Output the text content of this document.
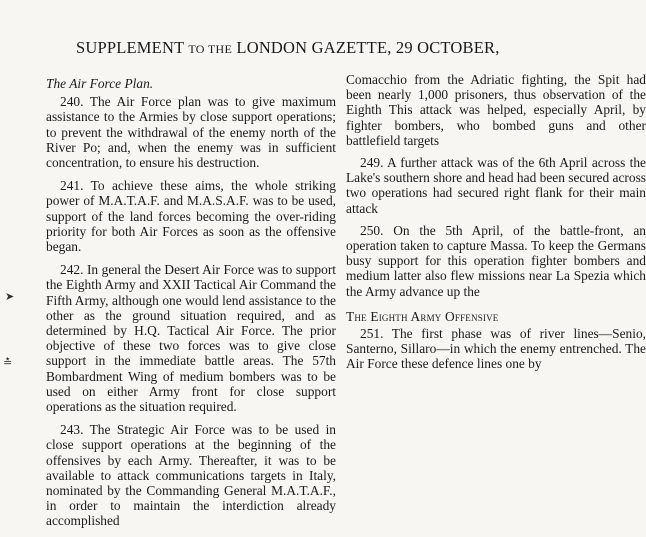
SUPPLEMENT TO THE LONDON GAZETTE, 29 OCTOBER,
➤
≛
The Air Force Plan.

240. The Air Force plan was to give maximum assistance to the Armies by close support operations; to prevent the withdrawal of the enemy north of the River Po; and, when the enemy was in sufficient concentration, to ensure his destruction.

241. To achieve these aims, the whole striking power of M.A.T.A.F. and M.A.S.A.F. was to be used, support of the land forces becoming the over-riding priority for both Air Forces as soon as the offensive began.

242. In general the Desert Air Force was to support the Eighth Army and XXII Tactical Air Command the Fifth Army, although one would lend assistance to the other as the ground situation required, and as determined by H.Q. Tactical Air Force. The prior objective of these two forces was to give close support in the immediate battle areas. The 57th Bombardment Wing of medium bombers was to be used on either Army front for close support operations as the situation required.

243. The Strategic Air Force was to be used in close support operations at the beginning of the offensives by each Army. Thereafter, it was to be available to attack communications targets in Italy, nominated by the Commanding General M.A.T.A.F., in order to maintain the interdiction already accomplished

Comacchio from the Adriatic fighting, the Spit had been nearly 1,000 prisoners, thus observation of the Eighth This attack was helped, especially April, by fighter bombers, who bombed guns and other battlefield targets

249. A further attack was of the 6th April across the Lake's southern shore and head had been secured across two operations had secured right flank for their main attack

250. On the 5th April, of the battle-front, an operation taken to capture Massa. To keep the Germans busy support for this operation fighter bombers and medium latter also flew missions near La Spezia which the Army advance up the

The Eighth Army Offensive

251. The first phase was of river lines—Senio, Santerno, Sillaro—in which the enemy entrenched. The Air Force these defence lines one by
